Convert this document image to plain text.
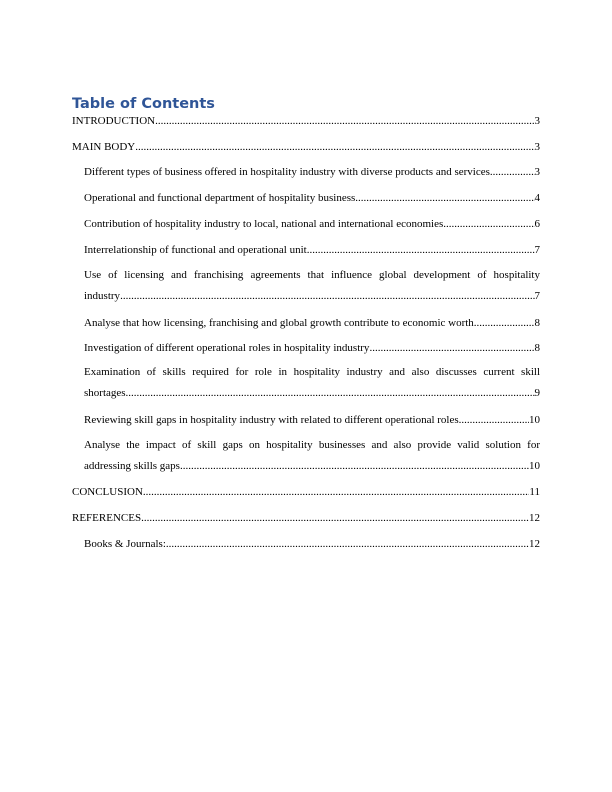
Table of Contents
INTRODUCTION .....	3
MAIN BODY .....	3
Different types of business offered in hospitality industry with diverse products and services .....	3
Operational and functional department of hospitality business .....	4
Contribution of hospitality industry to local, national and international economies .....	6
Interrelationship of functional and operational unit .....	7
Use of licensing and franchising agreements that influence global development of hospitality
industry .....	7
Analyse that how licensing, franchising and global growth contribute to economic worth .....	8
Investigation of different operational roles in hospitality industry .....	8
Examination of skills required for role in hospitality industry and also discusses current skill
shortages .....	9
Reviewing skill gaps in hospitality industry with related to different operational roles .....	10
Analyse the impact of skill gaps on hospitality businesses and also provide valid solution for
addressing skills gaps .....	10
CONCLUSION .....	11
REFERENCES .....	12
Books & Journals: .....	12
